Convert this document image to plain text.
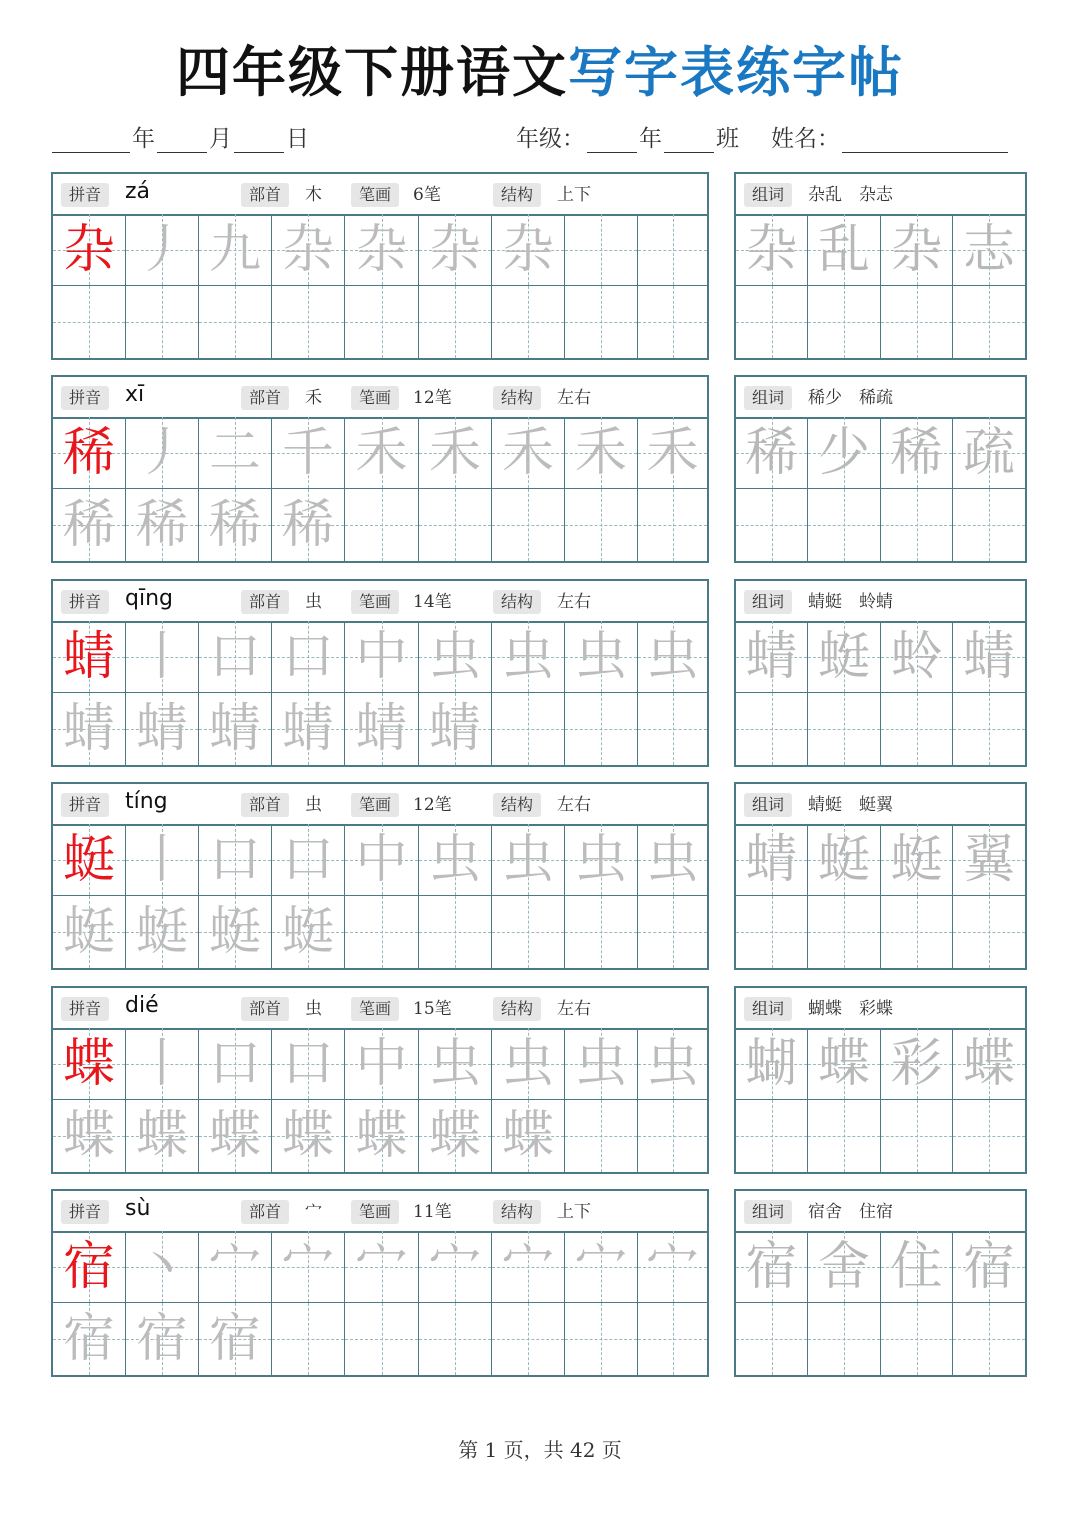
四年级下册语文写字表练字帖
年 月 日	年级： 年 班 姓名：
拼音	zá	部首	木	笔画	6笔	结构	上下
杂 丿 九 杂 杂 杂 杂
组词	杂乱　杂志
杂 乱 杂 志
拼音	xī	部首	禾	笔画	12笔	结构	左右
稀 丿 二 千 禾 禾 禾 禾 禾
稀 稀 稀 稀
组词	稀少　稀疏
稀 少 稀 疏
拼音	qīng	部首	虫	笔画	14笔	结构	左右
蜻 丨 口 口 中 虫 虫 虫 虫
蜻 蜻 蜻 蜻 蜻 蜻
组词	蜻蜓　蛉蜻
蜻 蜓 蛉 蜻
拼音	tíng	部首	虫	笔画	12笔	结构	左右
蜓 丨 口 口 中 虫 虫 虫 虫
蜓 蜓 蜓 蜓
组词	蜻蜓　蜓翼
蜻 蜓 蜓 翼
拼音	dié	部首	虫	笔画	15笔	结构	左右
蝶 丨 口 口 中 虫 虫 虫 虫
蝶 蝶 蝶 蝶 蝶 蝶 蝶
组词	蝴蝶　彩蝶
蝴 蝶 彩 蝶
拼音	sù	部首	宀	笔画	11笔	结构	上下
宿 丶 宀 宀 宀 宀 宀 宀 宀
宿 宿 宿
组词	宿舍　住宿
宿 舍 住 宿
第 1 页，共 42 页
